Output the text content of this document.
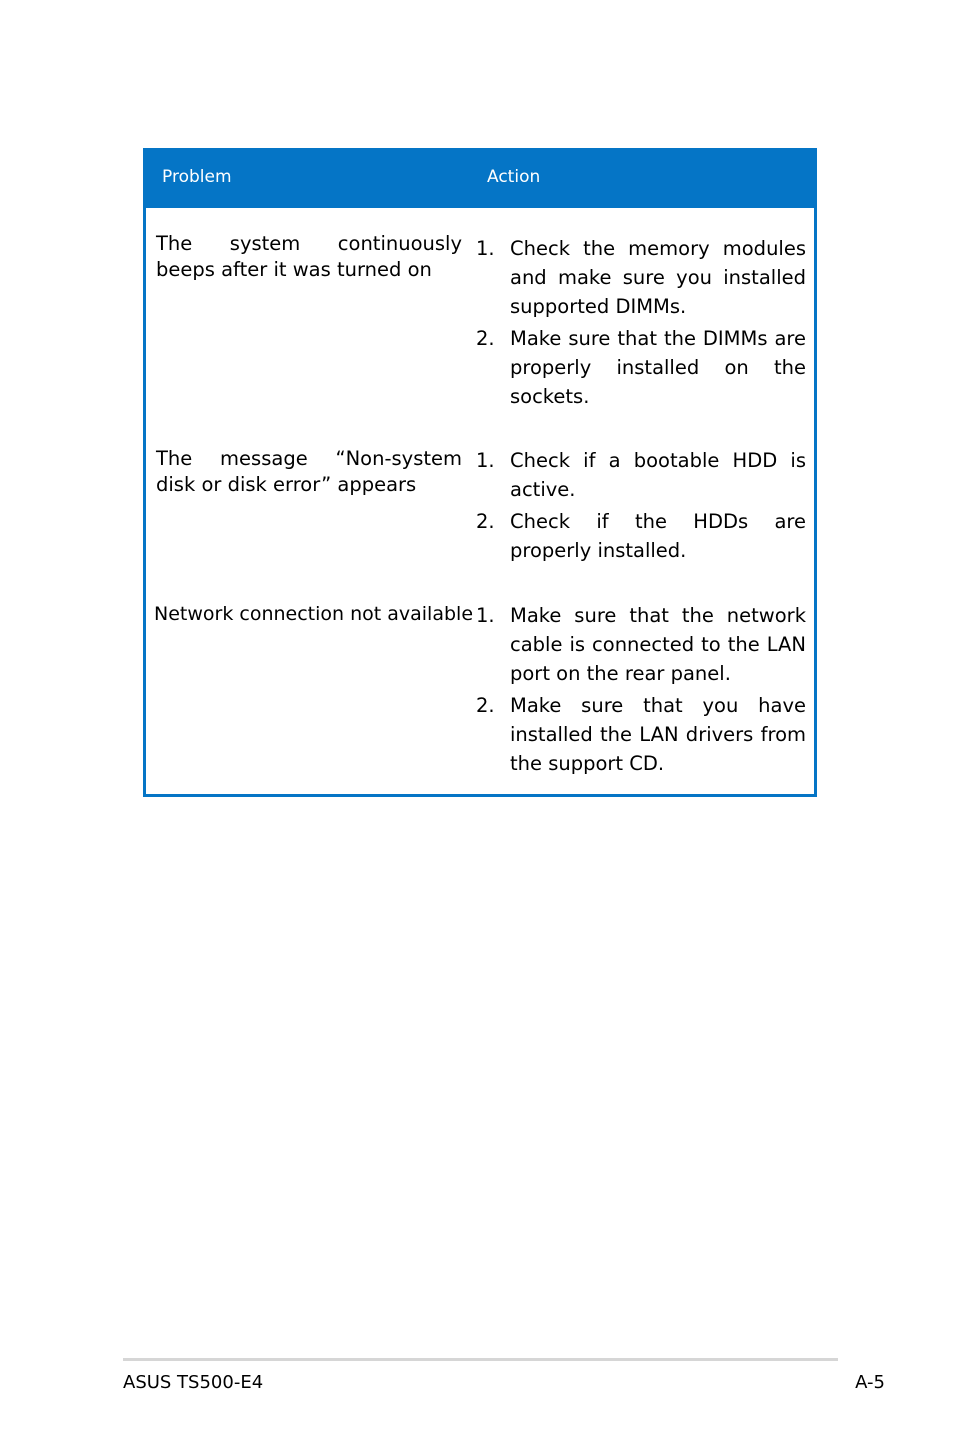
Problem	Action
The system continuously beeps after it was turned on
1. Check the memory modules and make sure you installed supported DIMMs.
2. Make sure that the DIMMs are properly installed on the sockets.
The message “Non-system disk or disk error” appears
1. Check if a bootable HDD is active.
2. Check if the HDDs are properly installed.
Network connection not available 1. Make sure that the network cable is connected to the LAN port on the rear panel.
2. Make sure that you have installed the LAN drivers from the support CD.
ASUS TS500-E4	A-5
